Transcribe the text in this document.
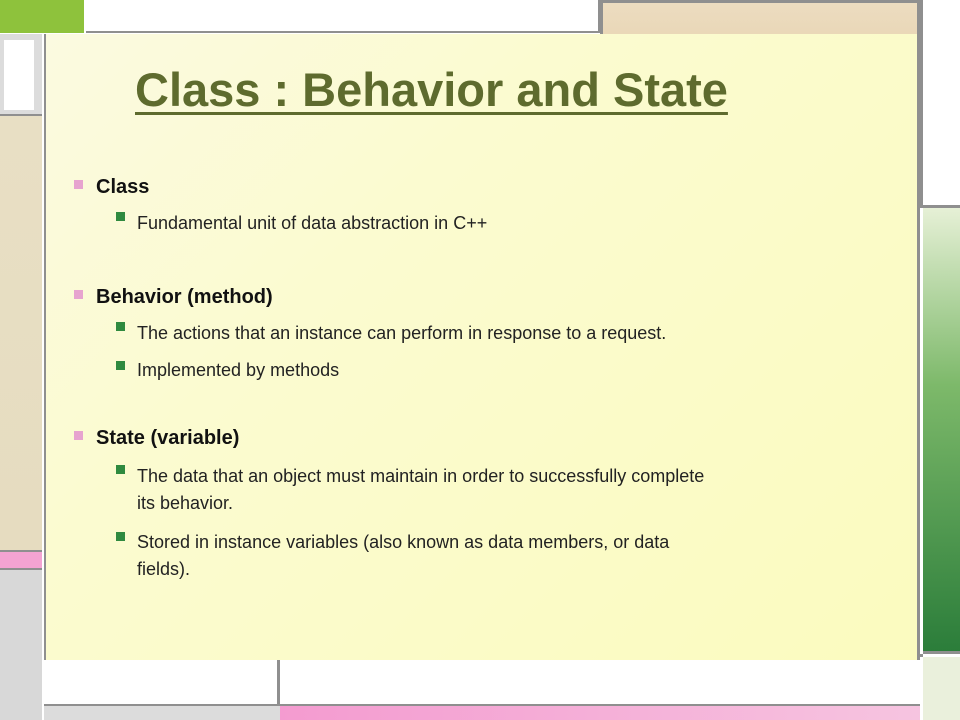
Class : Behavior and State
Class
Fundamental unit of data abstraction in C++
Behavior (method)
The actions that an instance can perform in response to a request.
Implemented by methods
State (variable)
The data that an object must maintain in order to successfully complete
its behavior.
Stored in instance variables (also known as data members, or data
fields).
